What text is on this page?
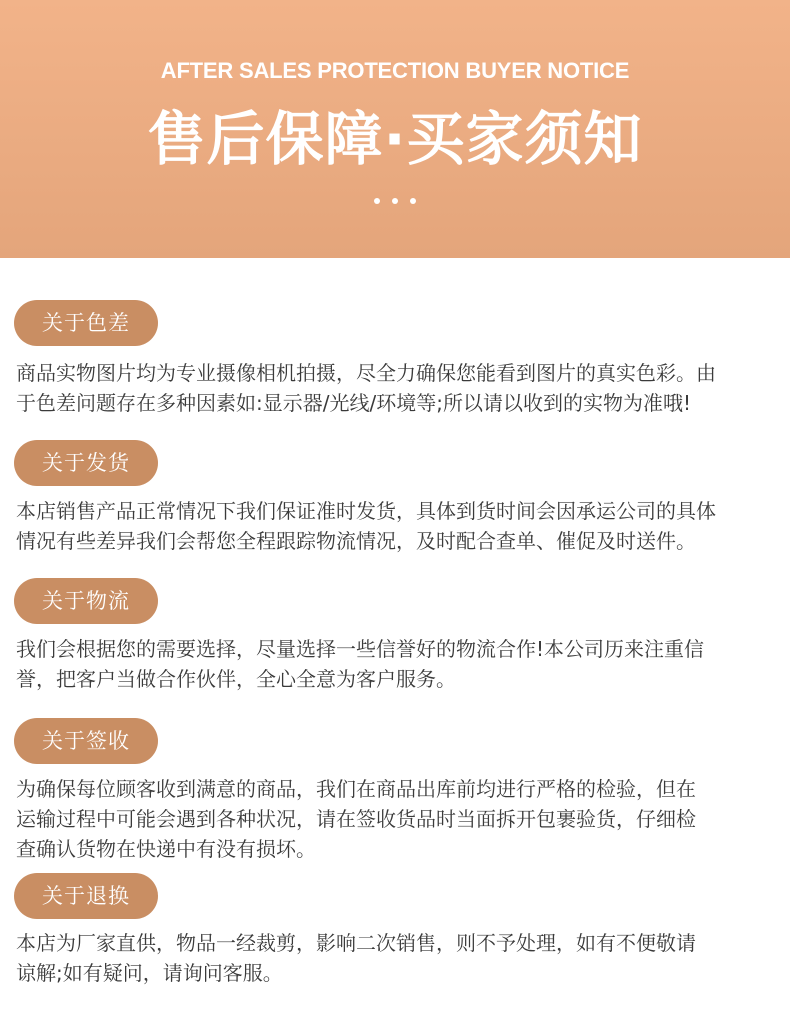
AFTER SALES PROTECTION BUYER NOTICE
售后保障·买家须知
关于色差
商品实物图片均为专业摄像相机拍摄，尽全力确保您能看到图片的真实色彩。由
于色差问题存在多种因素如:显示器/光线/环境等;所以请以收到的实物为准哦!
关于发货
本店销售产品正常情况下我们保证准时发货，具体到货时间会因承运公司的具体
情况有些差异我们会帮您全程跟踪物流情况，及时配合查单、催促及时送件。
关于物流
我们会根据您的需要选择，尽量选择一些信誉好的物流合作!本公司历来注重信
誉，把客户当做合作伙伴，全心全意为客户服务。
关于签收
为确保每位顾客收到满意的商品，我们在商品出库前均进行严格的检验，但在
运输过程中可能会遇到各种状况，请在签收货品时当面拆开包裹验货，仔细检
查确认货物在快递中有没有损坏。
关于退换
本店为厂家直供，物品一经裁剪，影响二次销售，则不予处理，如有不便敬请
谅解;如有疑问，请询问客服。
